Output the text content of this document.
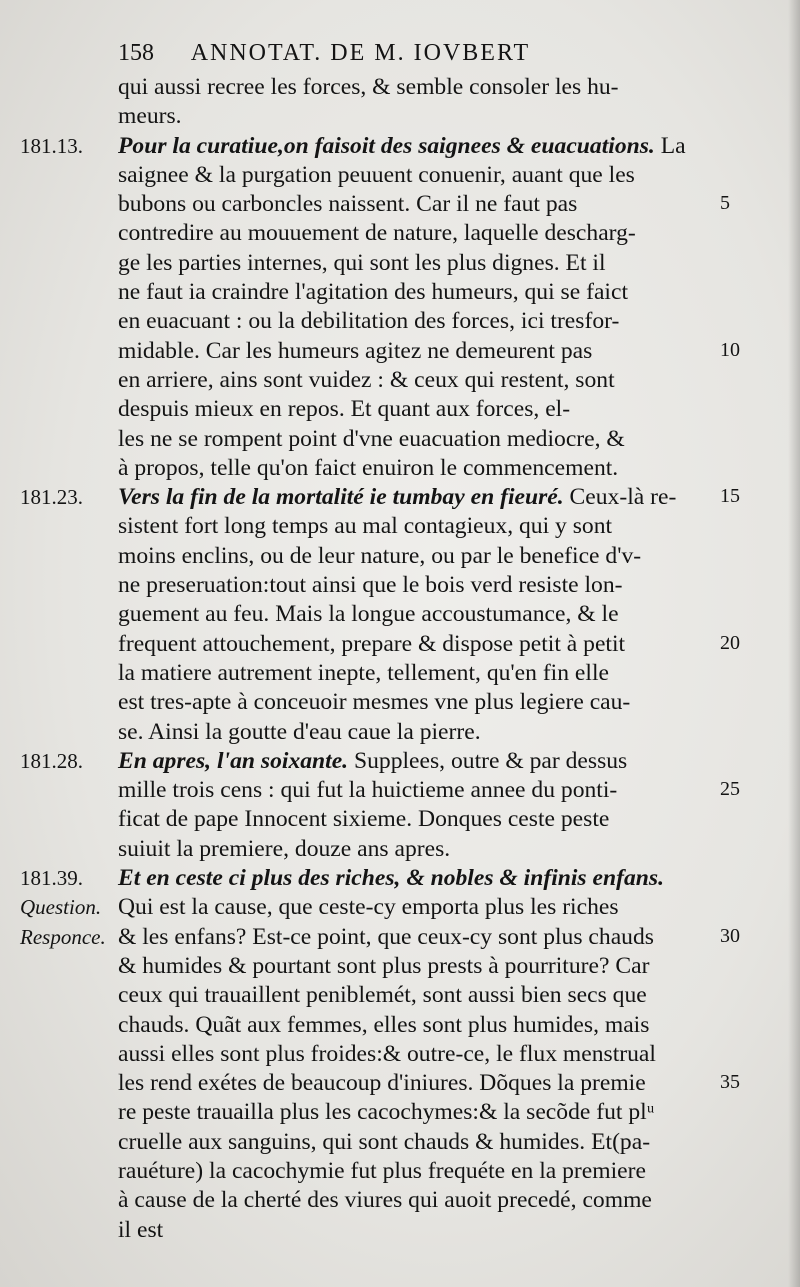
158 ANNOTAT. DE M. IOVBERT
qui aussi recree les forces, & semble consoler les hu-
meurs.
Pour la curatiue,on faisoit des saignees & euacuations. La
saignee & la purgation peuuent conuenir, auant que les
bubons ou carboncles naissent. Car il ne faut pas
contredire au mouuement de nature, laquelle descharg-
ge les parties internes, qui sont les plus dignes. Et il
ne faut ia craindre l'agitation des humeurs, qui se faict
en euacuant : ou la debilitation des forces, ici tresfor-
midable. Car les humeurs agitez ne demeurent pas
en arriere, ains sont vuidez : & ceux qui restent, sont
despuis mieux en repos. Et quant aux forces, el-
les ne se rompent point d'vne euacuation mediocre, &
à propos, telle qu'on faict enuiron le commencement.
Vers la fin de la mortalité ie tumbay en fieuré. Ceux-là re-
sistent fort long temps au mal contagieux, qui y sont
moins enclins, ou de leur nature, ou par le benefice d'v-
ne preseruation:tout ainsi que le bois verd resiste lon-
guement au feu. Mais la longue accoustumance, & le
frequent attouchement, prepare & dispose petit à petit
la matiere autrement inepte, tellement, qu'en fin elle
est tres-apte à conceuoir mesmes vne plus legiere cau-
se. Ainsi la goutte d'eau caue la pierre.
En apres, l'an soixante. Supplees, outre & par dessus
mille trois cens : qui fut la huictieme annee du ponti-
ficat de pape Innocent sixieme. Donques ceste peste
suiuit la premiere, douze ans apres.
Et en ceste ci plus des riches, & nobles & infinis enfans.
Qui est la cause, que ceste-cy emporta plus les riches
& les enfans? Est-ce point, que ceux-cy sont plus chauds
& humides & pourtant sont plus prests à pourriture? Car
ceux qui trauaillent peniblemét, sont aussi bien secs que
chauds. Quãt aux femmes, elles sont plus humides, mais
aussi elles sont plus froides:& outre-ce, le flux menstrual
les rend exétes de beaucoup d'iniures. Dõques la premie
re peste trauailla plus les cacochymes:& la secõde fut plᵘ
cruelle aux sanguins, qui sont chauds & humides. Et(pa-
rauéture) la cacochymie fut plus frequéte en la premiere
à cause de la cherté des viures qui auoit precedé, comme
il est
181.13.
181.23.
181.28.
181.39.
Question.
Responce.
5
10
15
20
25
30
35
